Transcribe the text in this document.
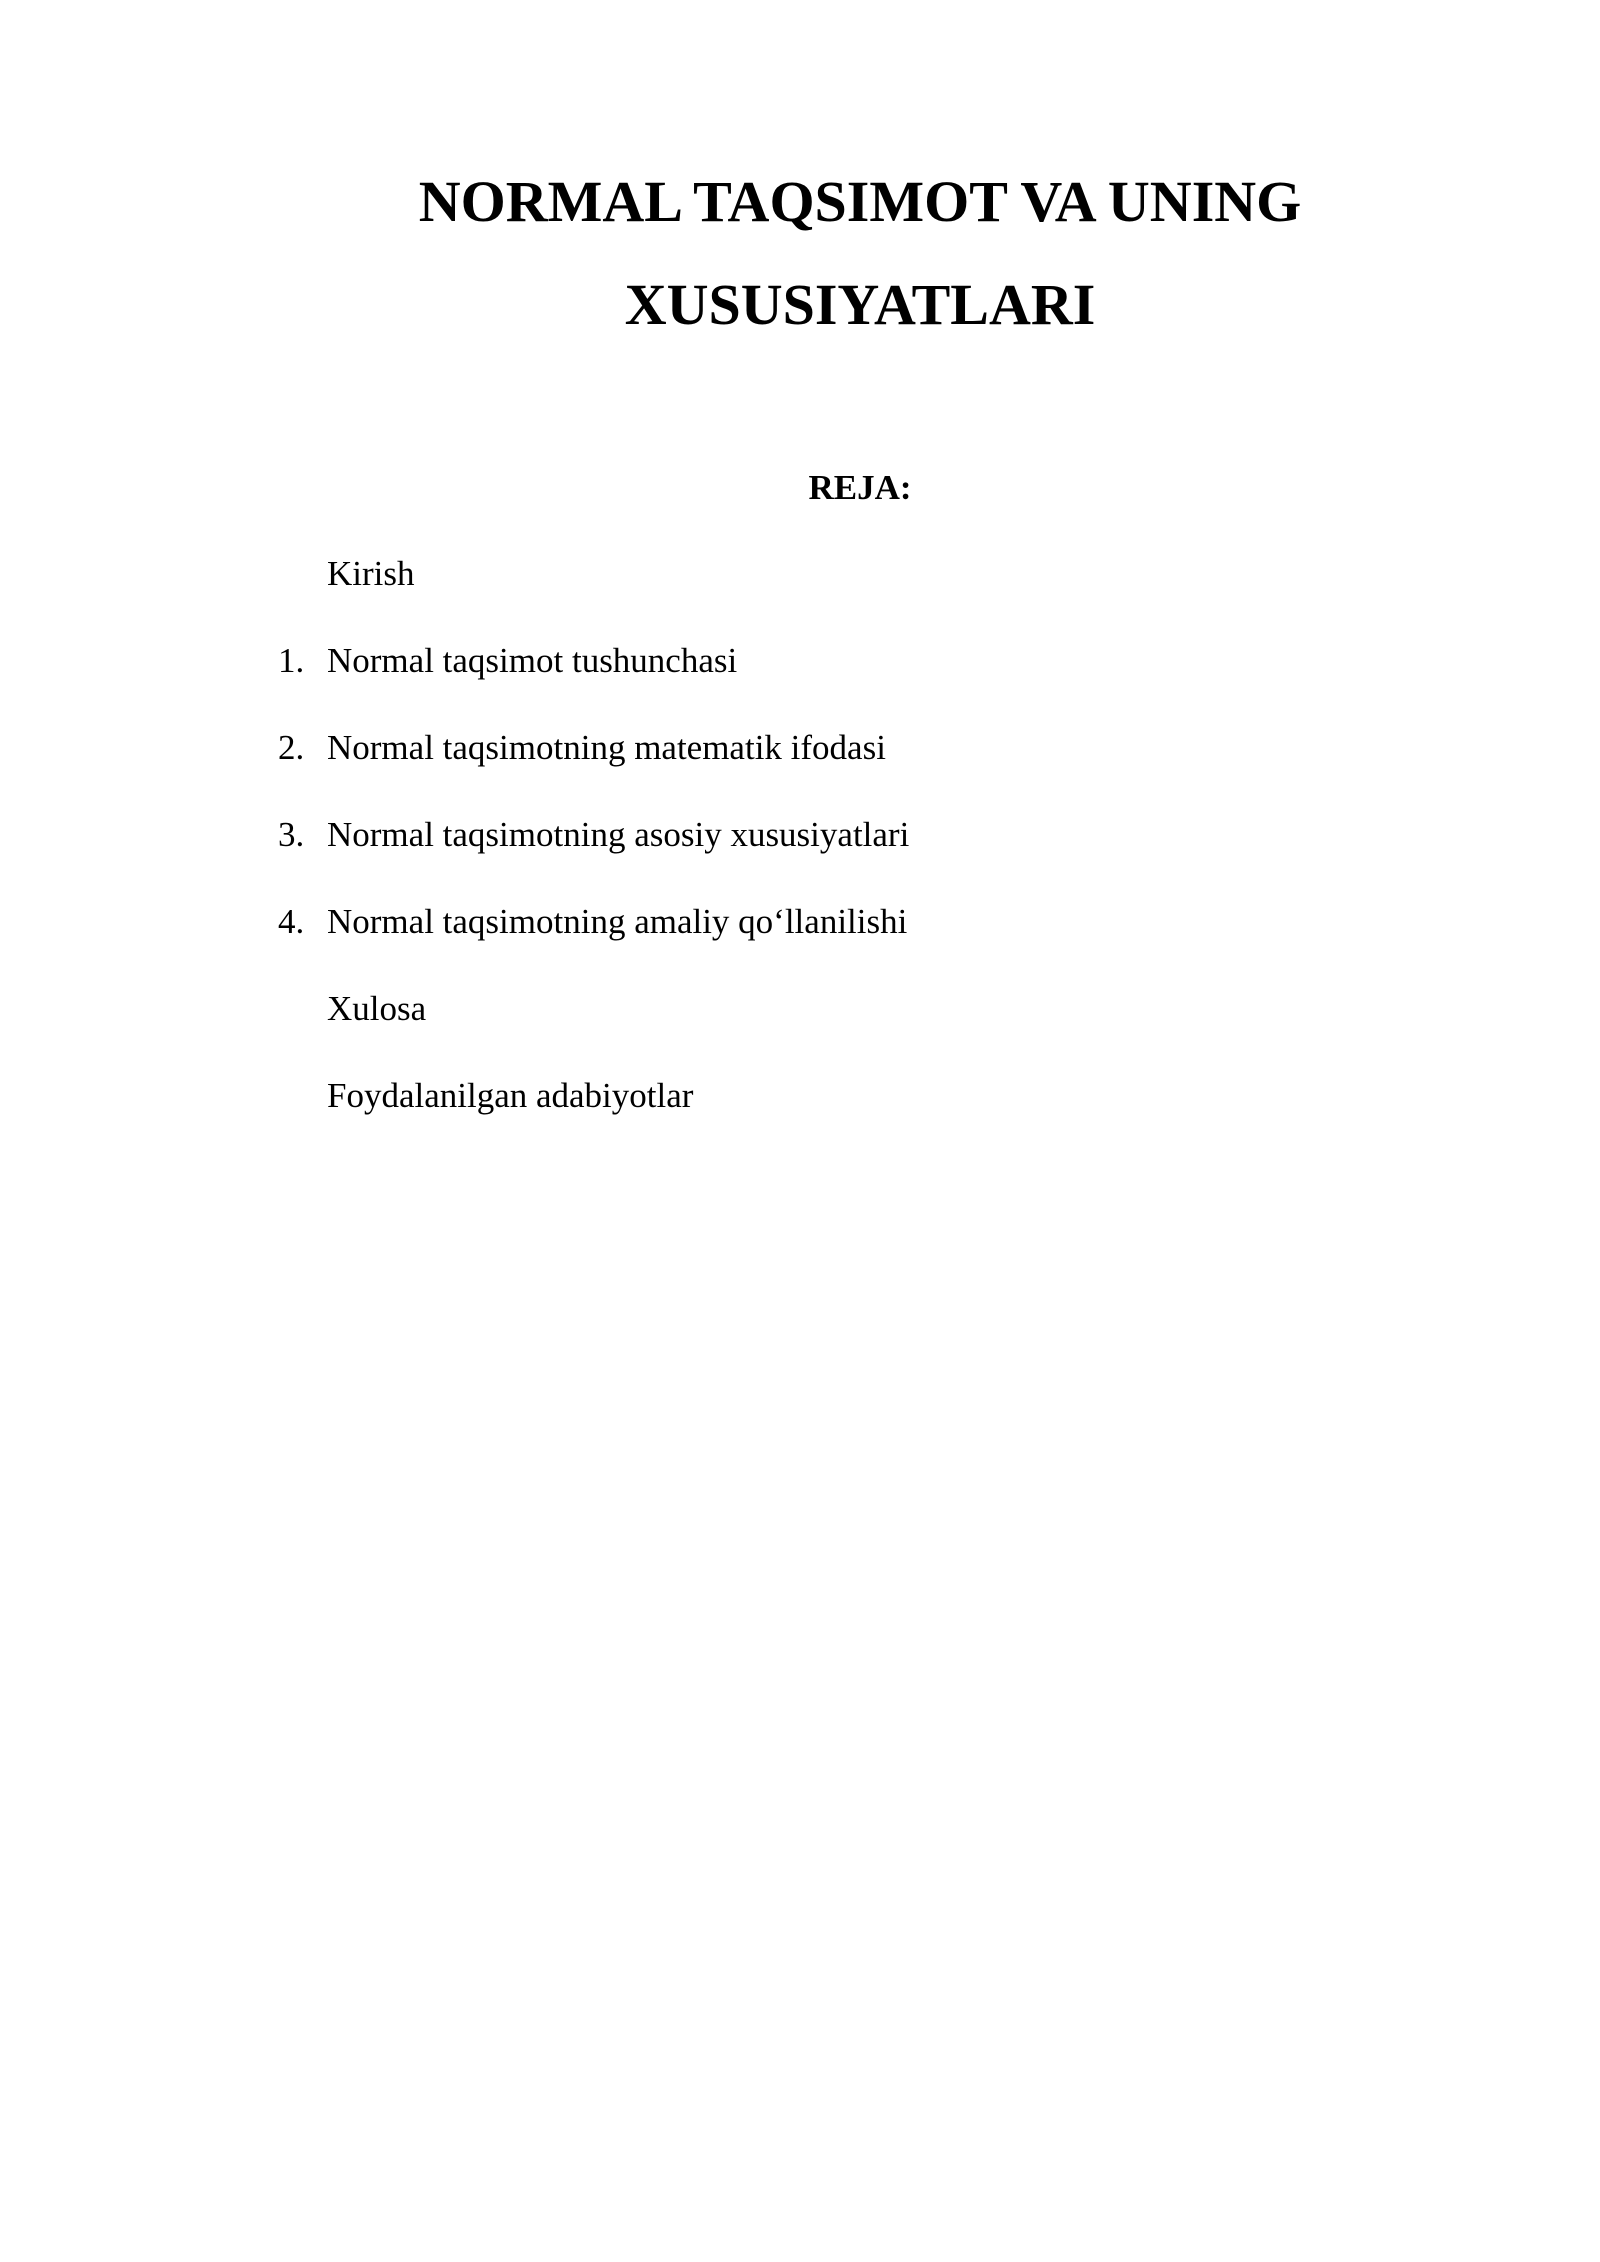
NORMAL TAQSIMOT VA UNING
XUSUSIYATLARI
REJA:
Kirish
1. Normal taqsimot tushunchasi
2. Normal taqsimotning matematik ifodasi
3. Normal taqsimotning asosiy xususiyatlari
4. Normal taqsimotning amaliy qo‘llanilishi
Xulosa
Foydalanilgan adabiyotlar
